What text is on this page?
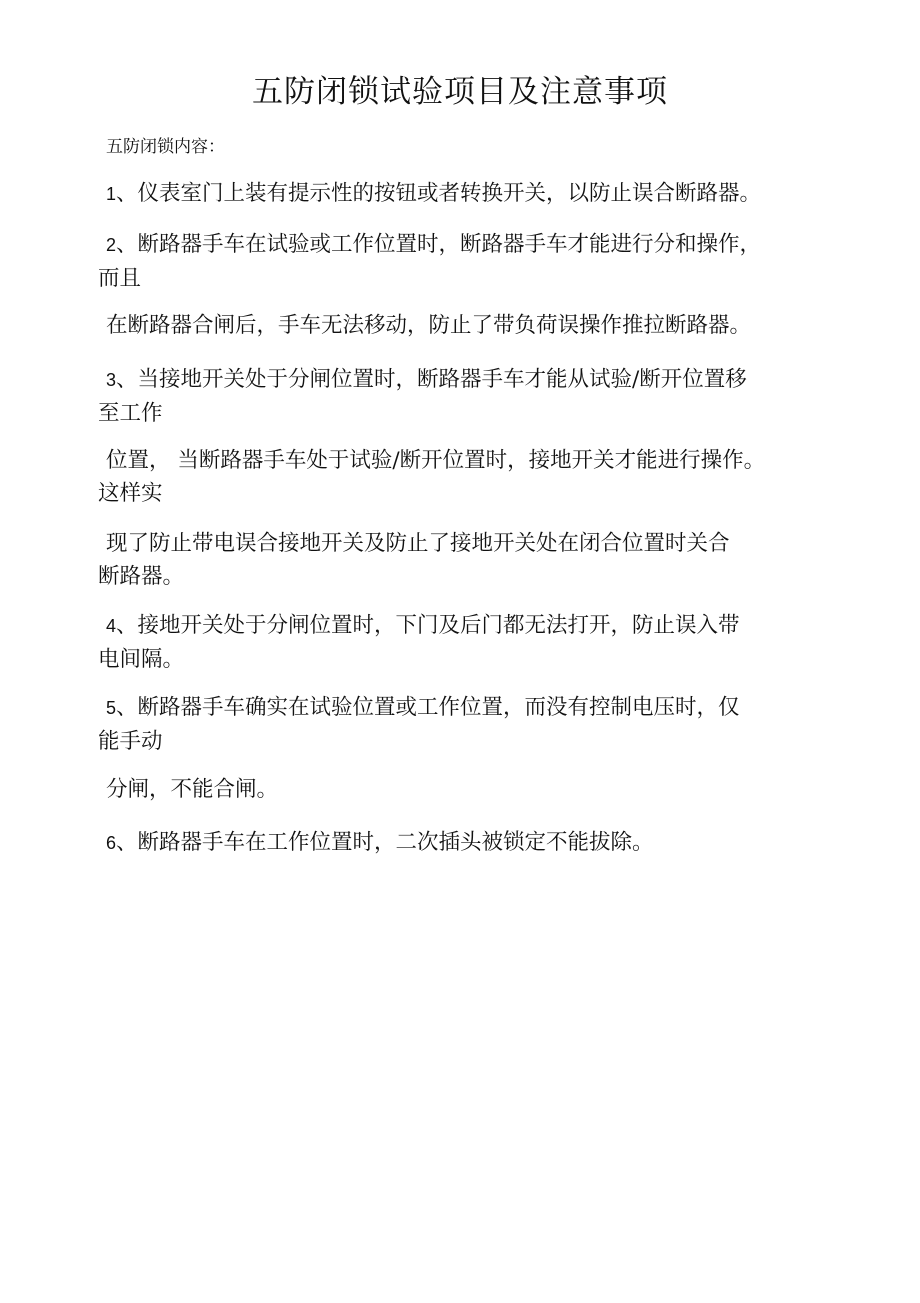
五防闭锁试验项目及注意事项
五防闭锁内容：

1、仪表室门上装有提示性的按钮或者转换开关，以防止误合断路器。

2、断路器手车在试验或工作位置时，断路器手车才能进行分和操作，
而且

在断路器合闸后，手车无法移动，防止了带负荷误操作推拉断路器。

3、当接地开关处于分闸位置时，断路器手车才能从试验/断开位置移
至工作

位置， 当断路器手车处于试验/断开位置时，接地开关才能进行操作。
这样实

现了防止带电误合接地开关及防止了接地开关处在闭合位置时关合
断路器。

4、接地开关处于分闸位置时，下门及后门都无法打开，防止误入带
电间隔。

5、断路器手车确实在试验位置或工作位置，而没有控制电压时，仅
能手动

分闸，不能合闸。

6、断路器手车在工作位置时，二次插头被锁定不能拔除。
